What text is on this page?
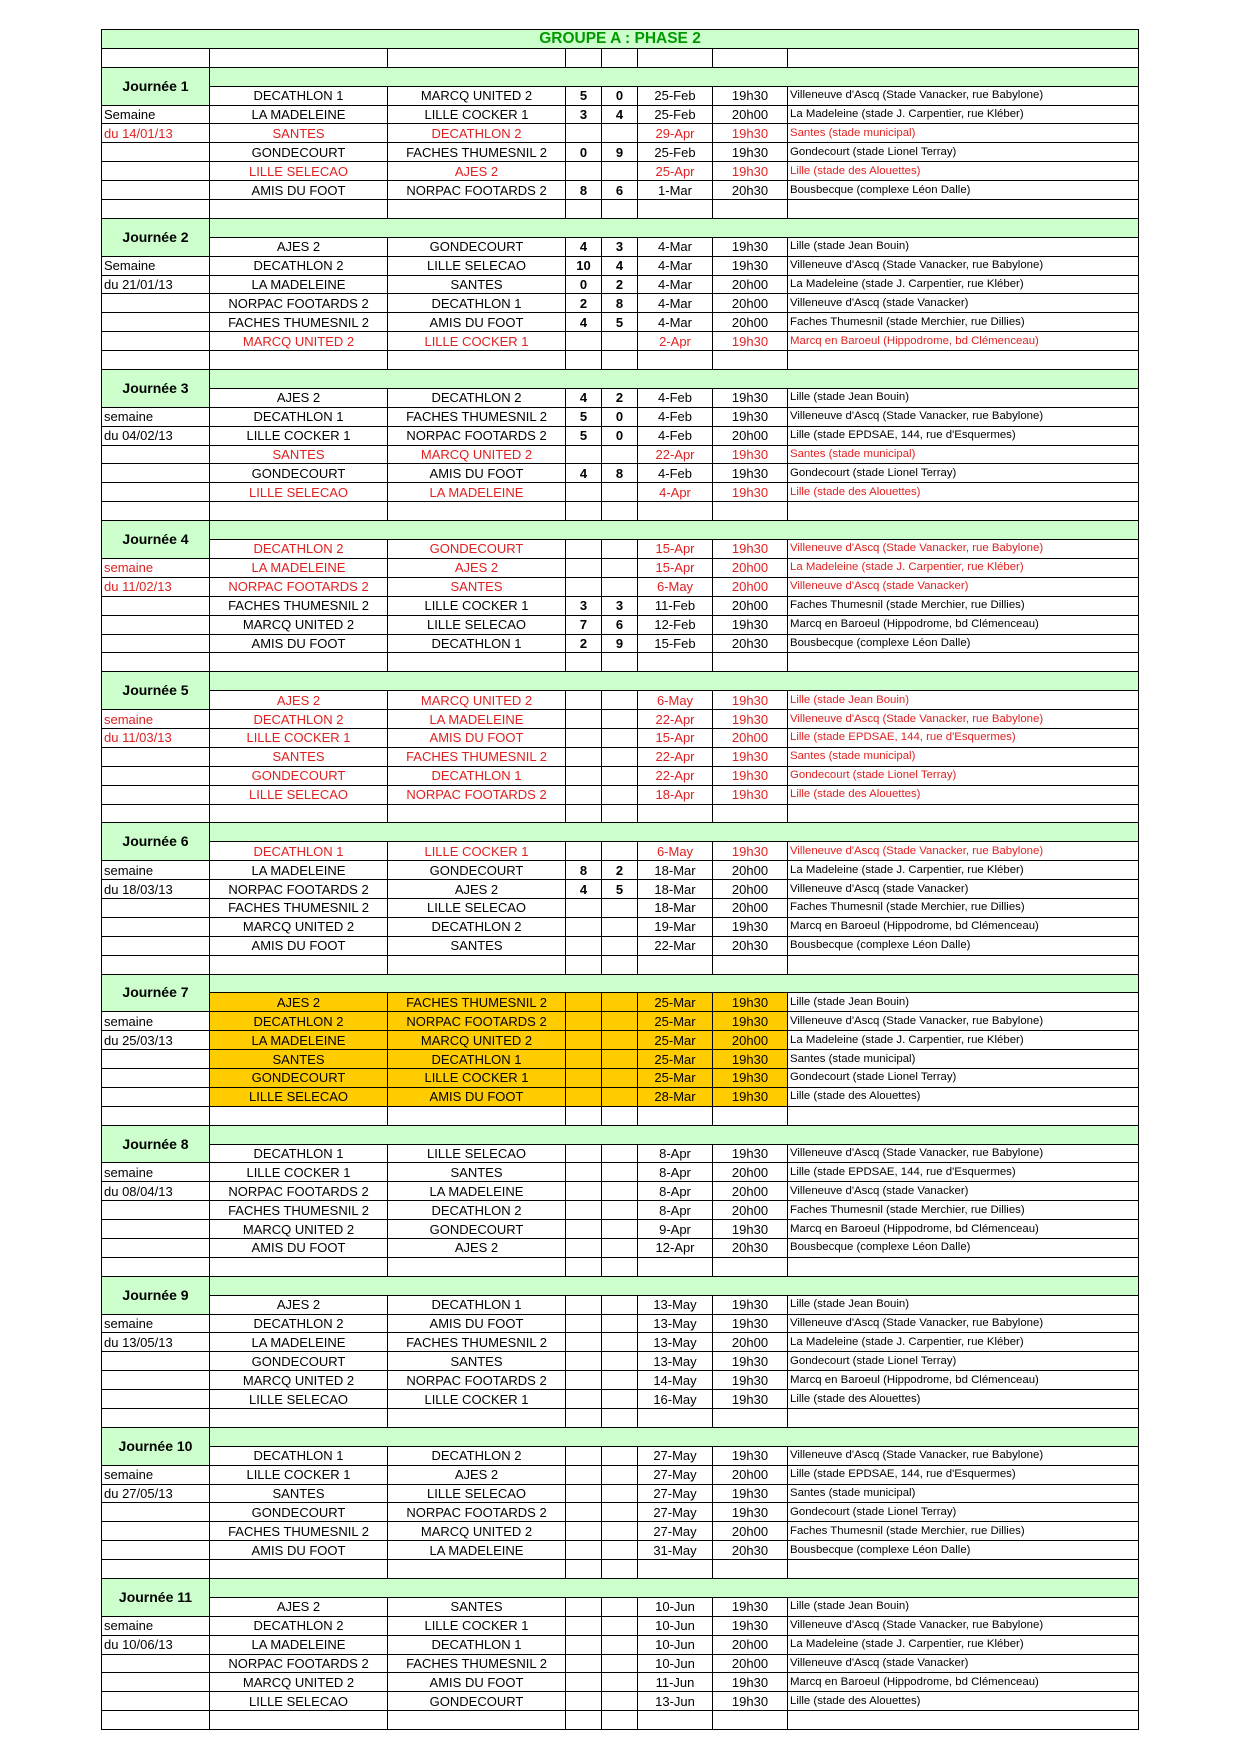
GROUPE A : PHASE 2							

Journée 1							
	DECATHLON 1	MARCQ UNITED 2	5	0	25-Feb	19h30	Villeneuve d'Ascq (Stade Vanacker, rue Babylone)
Semaine	LA MADELEINE	LILLE COCKER 1	3	4	25-Feb	20h00	La Madeleine (stade J. Carpentier, rue Kléber)
du 14/01/13	SANTES	DECATHLON 2			29-Apr	19h30	Santes (stade municipal)
	GONDECOURT	FACHES THUMESNIL 2	0	9	25-Feb	19h30	Gondecourt (stade Lionel Terray)
	LILLE SELECAO	AJES 2			25-Apr	19h30	Lille (stade des Alouettes)
	AMIS DU FOOT	NORPAC FOOTARDS 2	8	6	1-Mar	20h30	Bousbecque (complexe Léon Dalle)

Journée 2							
	AJES 2	GONDECOURT	4	3	4-Mar	19h30	Lille (stade Jean Bouin)
Semaine	DECATHLON 2	LILLE SELECAO	10	4	4-Mar	19h30	Villeneuve d'Ascq (Stade Vanacker, rue Babylone)
du 21/01/13	LA MADELEINE	SANTES	0	2	4-Mar	20h00	La Madeleine (stade J. Carpentier, rue Kléber)
	NORPAC FOOTARDS 2	DECATHLON 1	2	8	4-Mar	20h00	Villeneuve d'Ascq (stade Vanacker)
	FACHES THUMESNIL 2	AMIS DU FOOT	4	5	4-Mar	20h00	Faches Thumesnil (stade Merchier, rue Dillies)
	MARCQ UNITED 2	LILLE COCKER 1			2-Apr	19h30	Marcq en Baroeul (Hippodrome, bd Clémenceau)

Journée 3							
	AJES 2	DECATHLON 2	4	2	4-Feb	19h30	Lille (stade Jean Bouin)
semaine	DECATHLON 1	FACHES THUMESNIL 2	5	0	4-Feb	19h30	Villeneuve d'Ascq (Stade Vanacker, rue Babylone)
du 04/02/13	LILLE COCKER 1	NORPAC FOOTARDS 2	5	0	4-Feb	20h00	Lille (stade EPDSAE, 144, rue d'Esquermes)
	SANTES	MARCQ UNITED 2			22-Apr	19h30	Santes (stade municipal)
	GONDECOURT	AMIS DU FOOT	4	8	4-Feb	19h30	Gondecourt (stade Lionel Terray)
	LILLE SELECAO	LA MADELEINE			4-Apr	19h30	Lille (stade des Alouettes)

Journée 4							
	DECATHLON 2	GONDECOURT			15-Apr	19h30	Villeneuve d'Ascq (Stade Vanacker, rue Babylone)
semaine	LA MADELEINE	AJES 2			15-Apr	20h00	La Madeleine (stade J. Carpentier, rue Kléber)
du 11/02/13	NORPAC FOOTARDS 2	SANTES			6-May	20h00	Villeneuve d'Ascq (stade Vanacker)
	FACHES THUMESNIL 2	LILLE COCKER 1	3	3	11-Feb	20h00	Faches Thumesnil (stade Merchier, rue Dillies)
	MARCQ UNITED 2	LILLE SELECAO	7	6	12-Feb	19h30	Marcq en Baroeul (Hippodrome, bd Clémenceau)
	AMIS DU FOOT	DECATHLON 1	2	9	15-Feb	20h30	Bousbecque (complexe Léon Dalle)

Journée 5							
	AJES 2	MARCQ UNITED 2			6-May	19h30	Lille (stade Jean Bouin)
semaine	DECATHLON 2	LA MADELEINE			22-Apr	19h30	Villeneuve d'Ascq (Stade Vanacker, rue Babylone)
du 11/03/13	LILLE COCKER 1	AMIS DU FOOT			15-Apr	20h00	Lille (stade EPDSAE, 144, rue d'Esquermes)
	SANTES	FACHES THUMESNIL 2			22-Apr	19h30	Santes (stade municipal)
	GONDECOURT	DECATHLON 1			22-Apr	19h30	Gondecourt (stade Lionel Terray)
	LILLE SELECAO	NORPAC FOOTARDS 2			18-Apr	19h30	Lille (stade des Alouettes)

Journée 6							
	DECATHLON 1	LILLE COCKER 1			6-May	19h30	Villeneuve d'Ascq (Stade Vanacker, rue Babylone)
semaine	LA MADELEINE	GONDECOURT	8	2	18-Mar	20h00	La Madeleine (stade J. Carpentier, rue Kléber)
du 18/03/13	NORPAC FOOTARDS 2	AJES 2	4	5	18-Mar	20h00	Villeneuve d'Ascq (stade Vanacker)
	FACHES THUMESNIL 2	LILLE SELECAO			18-Mar	20h00	Faches Thumesnil (stade Merchier, rue Dillies)
	MARCQ UNITED 2	DECATHLON 2			19-Mar	19h30	Marcq en Baroeul (Hippodrome, bd Clémenceau)
	AMIS DU FOOT	SANTES			22-Mar	20h30	Bousbecque (complexe Léon Dalle)

Journée 7							
	AJES 2	FACHES THUMESNIL 2			25-Mar	19h30	Lille (stade Jean Bouin)
semaine	DECATHLON 2	NORPAC FOOTARDS 2			25-Mar	19h30	Villeneuve d'Ascq (Stade Vanacker, rue Babylone)
du 25/03/13	LA MADELEINE	MARCQ UNITED 2			25-Mar	20h00	La Madeleine (stade J. Carpentier, rue Kléber)
	SANTES	DECATHLON 1			25-Mar	19h30	Santes (stade municipal)
	GONDECOURT	LILLE COCKER 1			25-Mar	19h30	Gondecourt (stade Lionel Terray)
	LILLE SELECAO	AMIS DU FOOT			28-Mar	19h30	Lille (stade des Alouettes)

Journée 8							
	DECATHLON 1	LILLE SELECAO			8-Apr	19h30	Villeneuve d'Ascq (Stade Vanacker, rue Babylone)
semaine	LILLE COCKER 1	SANTES			8-Apr	20h00	Lille (stade EPDSAE, 144, rue d'Esquermes)
du 08/04/13	NORPAC FOOTARDS 2	LA MADELEINE			8-Apr	20h00	Villeneuve d'Ascq (stade Vanacker)
	FACHES THUMESNIL 2	DECATHLON 2			8-Apr	20h00	Faches Thumesnil (stade Merchier, rue Dillies)
	MARCQ UNITED 2	GONDECOURT			9-Apr	19h30	Marcq en Baroeul (Hippodrome, bd Clémenceau)
	AMIS DU FOOT	AJES 2			12-Apr	20h30	Bousbecque (complexe Léon Dalle)

Journée 9							
	AJES 2	DECATHLON 1			13-May	19h30	Lille (stade Jean Bouin)
semaine	DECATHLON 2	AMIS DU FOOT			13-May	19h30	Villeneuve d'Ascq (Stade Vanacker, rue Babylone)
du 13/05/13	LA MADELEINE	FACHES THUMESNIL 2			13-May	20h00	La Madeleine (stade J. Carpentier, rue Kléber)
	GONDECOURT	SANTES			13-May	19h30	Gondecourt (stade Lionel Terray)
	MARCQ UNITED 2	NORPAC FOOTARDS 2			14-May	19h30	Marcq en Baroeul (Hippodrome, bd Clémenceau)
	LILLE SELECAO	LILLE COCKER 1			16-May	19h30	Lille (stade des Alouettes)

Journée 10							
	DECATHLON 1	DECATHLON 2			27-May	19h30	Villeneuve d'Ascq (Stade Vanacker, rue Babylone)
semaine	LILLE COCKER 1	AJES 2			27-May	20h00	Lille (stade EPDSAE, 144, rue d'Esquermes)
du 27/05/13	SANTES	LILLE SELECAO			27-May	19h30	Santes (stade municipal)
	GONDECOURT	NORPAC FOOTARDS 2			27-May	19h30	Gondecourt (stade Lionel Terray)
	FACHES THUMESNIL 2	MARCQ UNITED 2			27-May	20h00	Faches Thumesnil (stade Merchier, rue Dillies)
	AMIS DU FOOT	LA MADELEINE			31-May	20h30	Bousbecque (complexe Léon Dalle)

Journée 11							
	AJES 2	SANTES			10-Jun	19h30	Lille (stade Jean Bouin)
semaine	DECATHLON 2	LILLE COCKER 1			10-Jun	19h30	Villeneuve d'Ascq (Stade Vanacker, rue Babylone)
du 10/06/13	LA MADELEINE	DECATHLON 1			10-Jun	20h00	La Madeleine (stade J. Carpentier, rue Kléber)
	NORPAC FOOTARDS 2	FACHES THUMESNIL 2			10-Jun	20h00	Villeneuve d'Ascq (stade Vanacker)
	MARCQ UNITED 2	AMIS DU FOOT			11-Jun	19h30	Marcq en Baroeul (Hippodrome, bd Clémenceau)
	LILLE SELECAO	GONDECOURT			13-Jun	19h30	Lille (stade des Alouettes)
